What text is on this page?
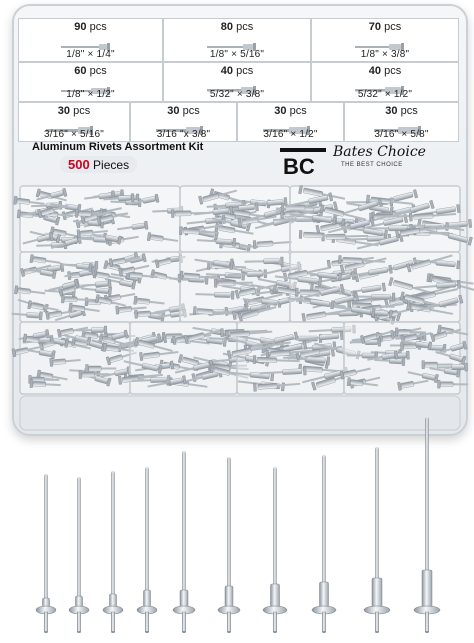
90 pcs
1/8" × 1/4"
80 pcs
1/8" × 5/16"
70 pcs
1/8" × 3/8"
60 pcs
1/8" × 1/2"
40 pcs
5/32" × 3/8"
40 pcs
5/32" × 1/2"
30 pcs
3/16" × 5/16"
30 pcs
3/16 "x 3/8"
30 pcs
3/16" × 1/2"
30 pcs
3/16" × 5/8"
Aluminum Rivets Assortment Kit
500 Pieces	BC
Bates Choice
THE BEST CHOICE
